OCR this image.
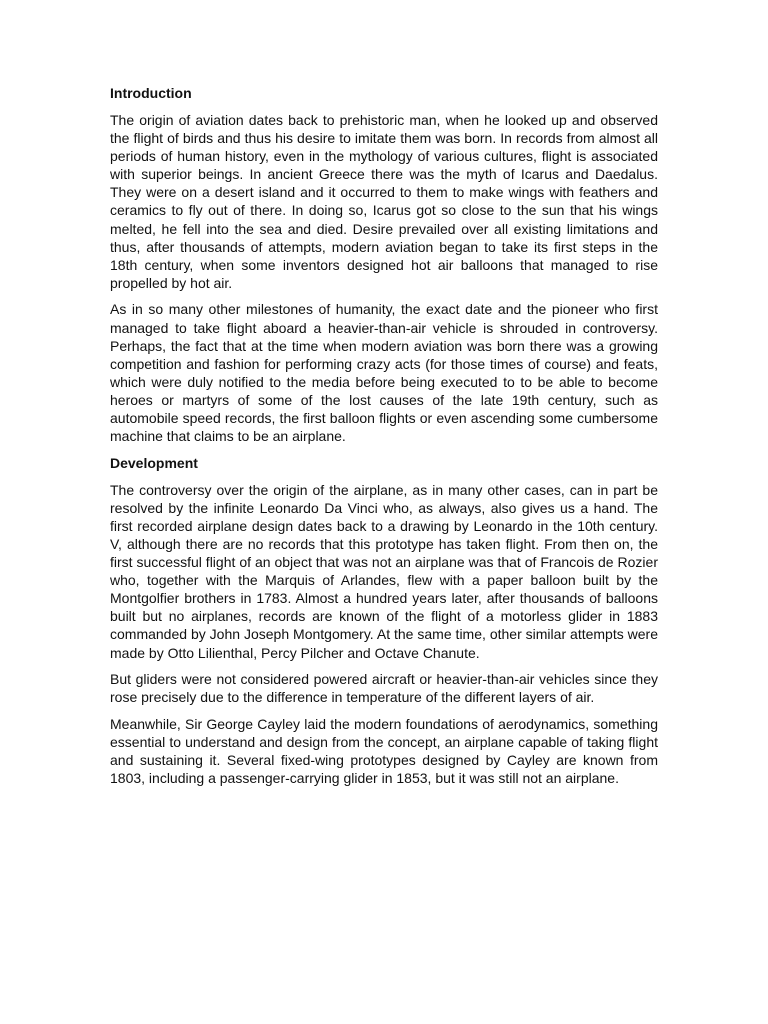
Introduction

The origin of aviation dates back to prehistoric man, when he looked up and observed the flight of birds and thus his desire to imitate them was born. In records from almost all periods of human history, even in the mythology of various cultures, flight is associated with superior beings. In ancient Greece there was the myth of Icarus and Daedalus. They were on a desert island and it occurred to them to make wings with feathers and ceramics to fly out of there. In doing so, Icarus got so close to the sun that his wings melted, he fell into the sea and died. Desire prevailed over all existing limitations and thus, after thousands of attempts, modern aviation began to take its first steps in the 18th century, when some inventors designed hot air balloons that managed to rise propelled by hot air.

As in so many other milestones of humanity, the exact date and the pioneer who first managed to take flight aboard a heavier-than-air vehicle is shrouded in controversy. Perhaps, the fact that at the time when modern aviation was born there was a growing competition and fashion for performing crazy acts (for those times of course) and feats, which were duly notified to the media before being executed to to be able to become heroes or martyrs of some of the lost causes of the late 19th century, such as automobile speed records, the first balloon flights or even ascending some cumbersome machine that claims to be an airplane.

Development

The controversy over the origin of the airplane, as in many other cases, can in part be resolved by the infinite Leonardo Da Vinci who, as always, also gives us a hand. The first recorded airplane design dates back to a drawing by Leonardo in the 10th century. V, although there are no records that this prototype has taken flight. From then on, the first successful flight of an object that was not an airplane was that of Francois de Rozier who, together with the Marquis of Arlandes, flew with a paper balloon built by the Montgolfier brothers in 1783. Almost a hundred years later, after thousands of balloons built but no airplanes, records are known of the flight of a motorless glider in 1883 commanded by John Joseph Montgomery. At the same time, other similar attempts were made by Otto Lilienthal, Percy Pilcher and Octave Chanute.

But gliders were not considered powered aircraft or heavier-than-air vehicles since they rose precisely due to the difference in temperature of the different layers of air.

Meanwhile, Sir George Cayley laid the modern foundations of aerodynamics, something essential to understand and design from the concept, an airplane capable of taking flight and sustaining it. Several fixed-wing prototypes designed by Cayley are known from 1803, including a passenger-carrying glider in 1853, but it was still not an airplane.
